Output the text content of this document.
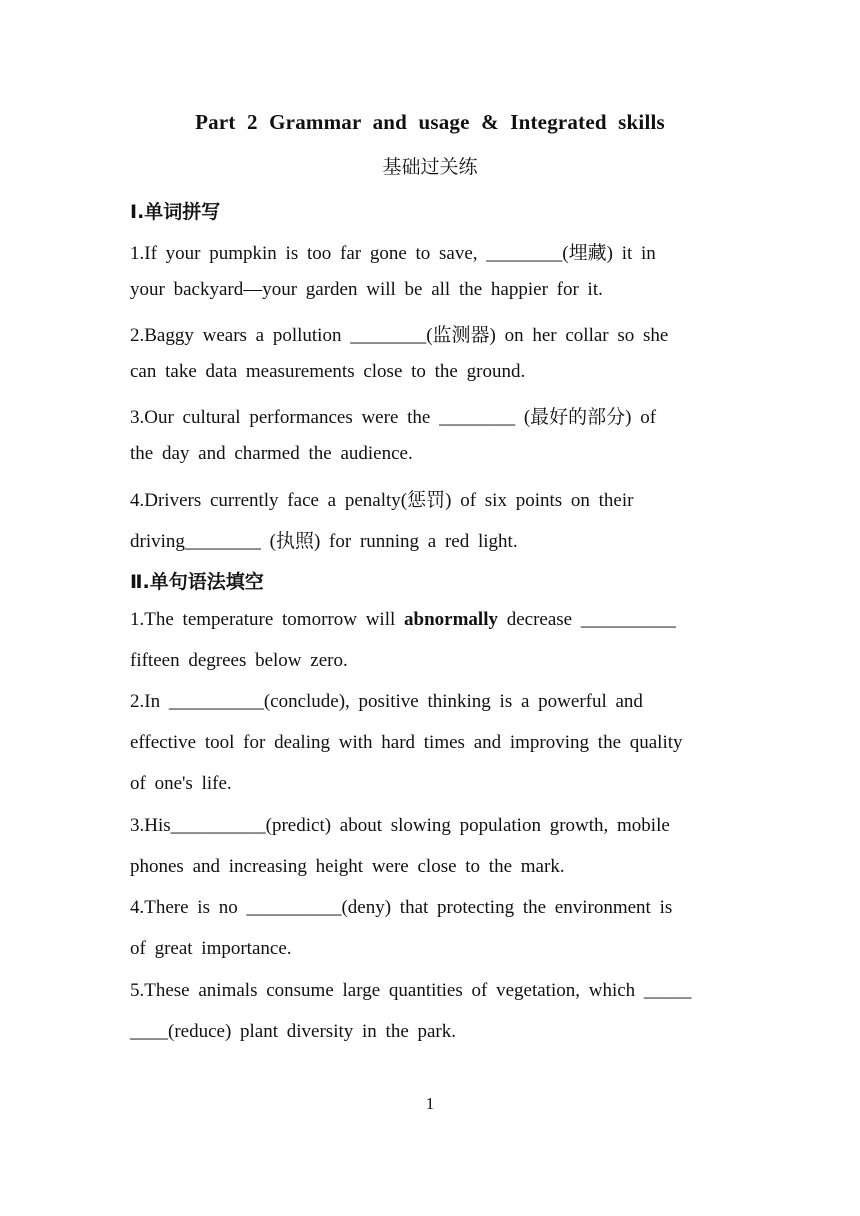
Part 2 Grammar and usage & Integrated skills
基础过关练
Ⅰ.单词拼写
1.If your pumpkin is too far gone to save, ________(埋藏) it in
your backyard—your garden will be all the happier for it.
2.Baggy wears a pollution ________(监测器) on her collar so she
can take data measurements close to the ground.
3.Our cultural performances were the ________ (最好的部分) of
the day and charmed the audience.
4.Drivers currently face a penalty(惩罚) of six points on their
driving________ (执照) for running a red light.
Ⅱ.单句语法填空
1.The temperature tomorrow will abnormally decrease __________
fifteen degrees below zero.
2.In __________(conclude), positive thinking is a powerful and
effective tool for dealing with hard times and improving the quality
of one's life.
3.His__________(predict) about slowing population growth, mobile
phones and increasing height were close to the mark.
4.There is no __________(deny) that protecting the environment is
of great importance.
5.These animals consume large quantities of vegetation, which _____
____(reduce) plant diversity in the park.
1
